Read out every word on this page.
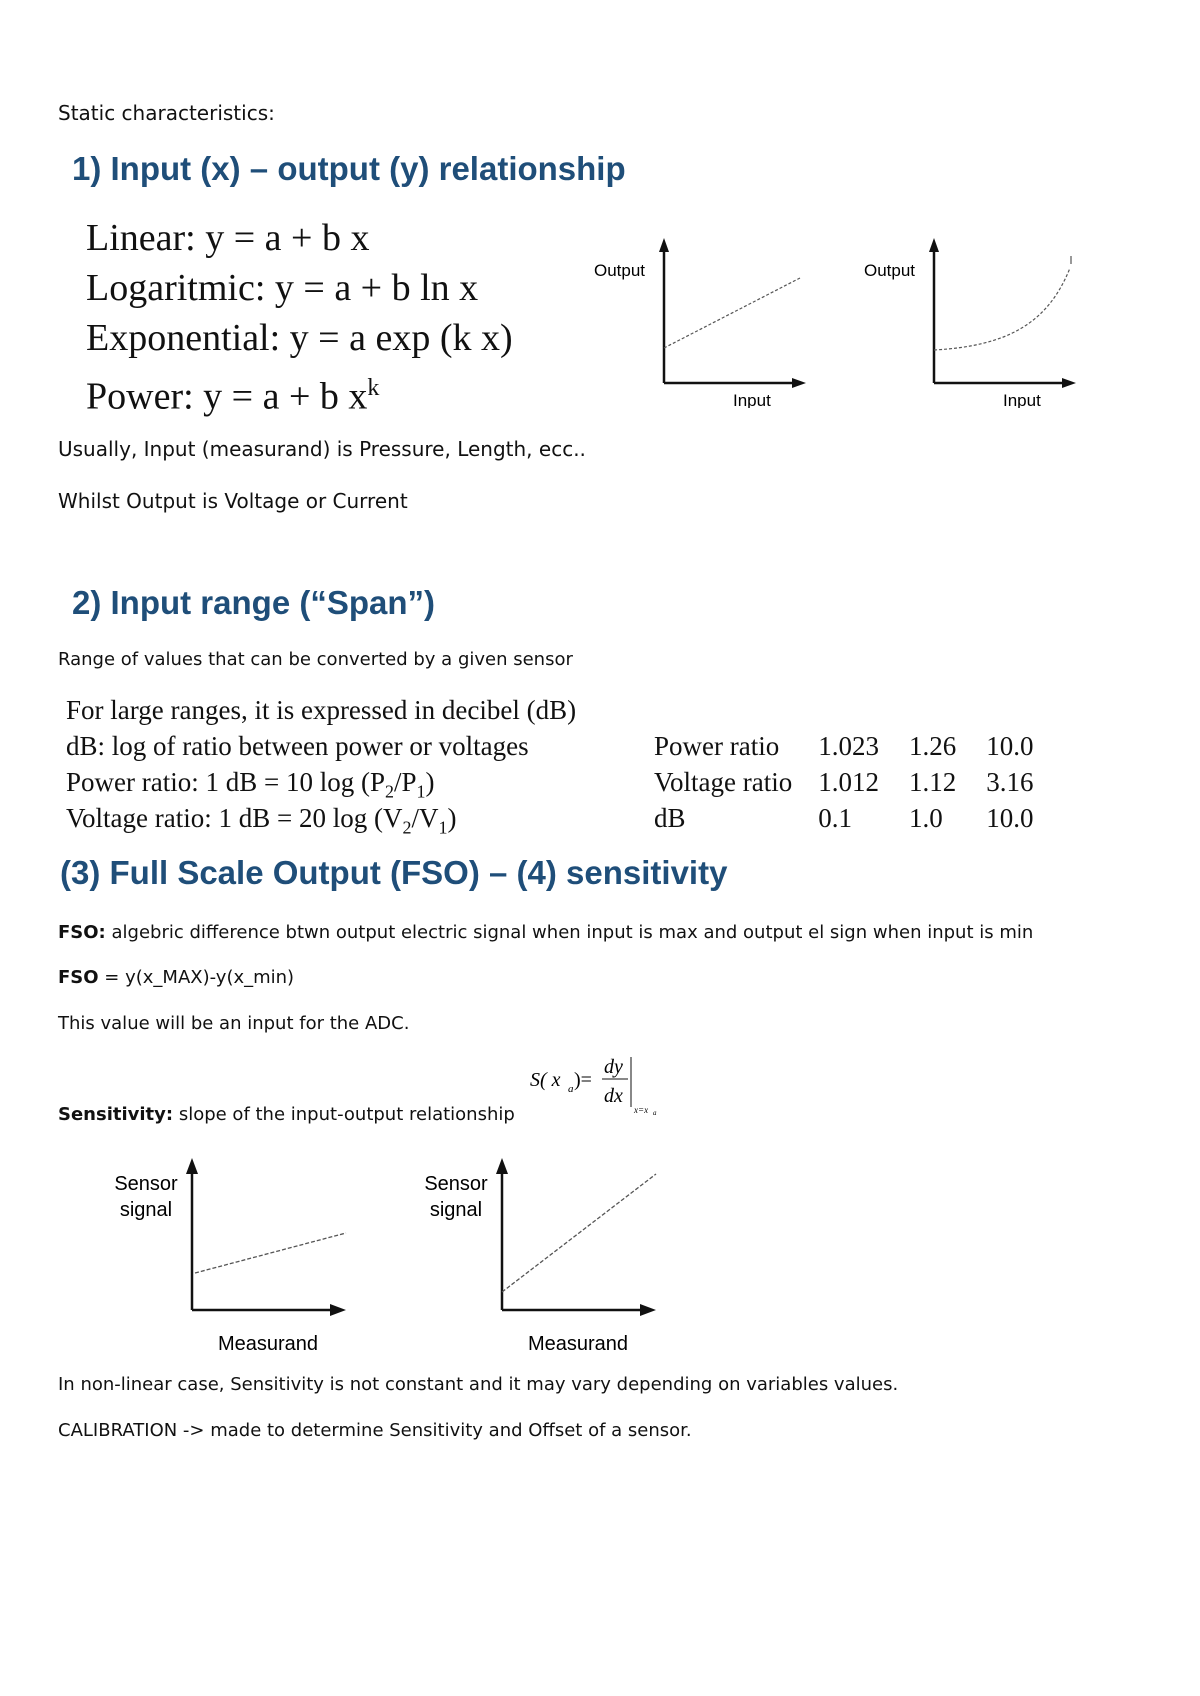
Static characteristics:
1) Input (x) – output (y) relationship
Linear: y = a + b x
Logaritmic: y = a + b ln x
Exponential: y = a exp (k x)
Power: y = a + b $x^k$
Output
Input
Output
Input
Usually, Input (measurand) is Pressure, Length, ecc..
Whilst Output is Voltage or Current
2) Input range (“Span”)
Range of values that can be converted by a given sensor
For large ranges, it is expressed in decibel (dB)
dB: log of ratio between power or voltages
Power ratio: 1 dB = 10 $\log (P_2/P_1)$
Voltage ratio: 1 dB = 20 $\log (V_2/V_1)$
Power ratio	1.023	1.26	10.0
Voltage ratio	1.012	1.12	3.16
dB	0.1	1.0	10.0
(3) Full Scale Output (FSO) – (4) sensitivity
FSO: algebric difference btwn output electric signal when input is max and output el sign when input is min
FSO = y(x_MAX)-y(x_min)
This value will be an input for the ADC.
S( x a )=
dy
dx
x=x a
Sensitivity: slope of the input-output relationship
Sensor
signal
Measurand
Sensor
signal
Measurand
In non-linear case, Sensitivity is not constant and it may vary depending on variables values.
CALIBRATION -> made to determine Sensitivity and Offset of a sensor.
